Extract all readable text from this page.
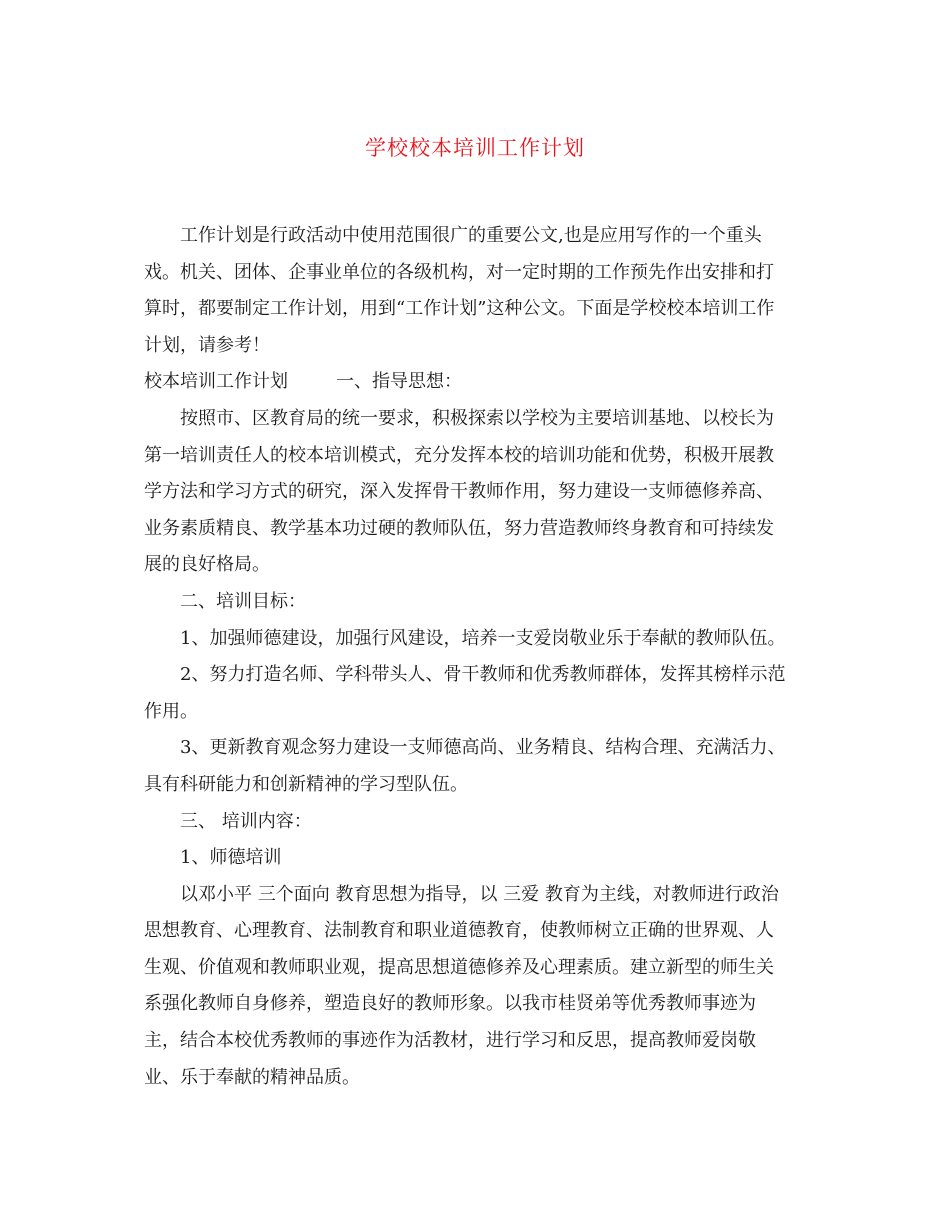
学校校本培训工作计划
工作计划是行政活动中使用范围很广的重要公文,也是应用写作的一个重头
戏。机关、团体、企事业单位的各级机构，对一定时期的工作预先作出安排和打
算时，都要制定工作计划，用到“工作计划”这种公文。下面是学校校本培训工作
计划，请参考！
校本培训工作计划	一、指导思想：
按照市、区教育局的统一要求，积极探索以学校为主要培训基地、以校长为
第一培训责任人的校本培训模式，充分发挥本校的培训功能和优势，积极开展教
学方法和学习方式的研究，深入发挥骨干教师作用，努力建设一支师德修养高、
业务素质精良、教学基本功过硬的教师队伍，努力营造教师终身教育和可持续发
展的良好格局。
二、培训目标：
1、加强师德建设，加强行风建设，培养一支爱岗敬业乐于奉献的教师队伍。
2、努力打造名师、学科带头人、骨干教师和优秀教师群体，发挥其榜样示范
作用。
3、更新教育观念努力建设一支师德高尚、业务精良、结构合理、充满活力、
具有科研能力和创新精神的学习型队伍。
三、 培训内容：
1、师德培训
以邓小平 三个面向 教育思想为指导，以 三爱 教育为主线，对教师进行政治
思想教育、心理教育、法制教育和职业道德教育，使教师树立正确的世界观、人
生观、价值观和教师职业观，提高思想道德修养及心理素质。建立新型的师生关
系强化教师自身修养，塑造良好的教师形象。以我市桂贤弟等优秀教师事迹为
主，结合本校优秀教师的事迹作为活教材，进行学习和反思，提高教师爱岗敬
业、乐于奉献的精神品质。
